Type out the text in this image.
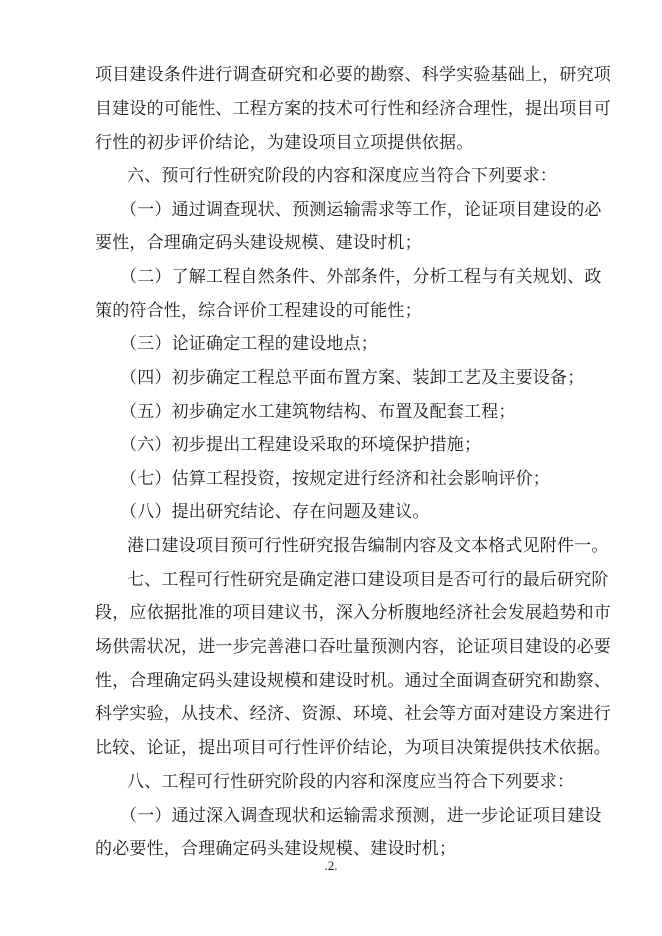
项目建设条件进行调查研究和必要的勘察、科学实验基础上，研究项
目建设的可能性、工程方案的技术可行性和经济合理性，提出项目可
行性的初步评价结论，为建设项目立项提供依据。
六、预可行性研究阶段的内容和深度应当符合下列要求：
（一）通过调查现状、预测运输需求等工作，论证项目建设的必
要性，合理确定码头建设规模、建设时机；
（二）了解工程自然条件、外部条件，分析工程与有关规划、政
策的符合性，综合评价工程建设的可能性；
（三）论证确定工程的建设地点；
（四）初步确定工程总平面布置方案、装卸工艺及主要设备；
（五）初步确定水工建筑物结构、布置及配套工程；
（六）初步提出工程建设采取的环境保护措施；
（七）估算工程投资，按规定进行经济和社会影响评价；
（八）提出研究结论、存在问题及建议。
港口建设项目预可行性研究报告编制内容及文本格式见附件一。
七、工程可行性研究是确定港口建设项目是否可行的最后研究阶
段，应依据批准的项目建议书，深入分析腹地经济社会发展趋势和市
场供需状况，进一步完善港口吞吐量预测内容，论证项目建设的必要
性，合理确定码头建设规模和建设时机。通过全面调查研究和勘察、
科学实验，从技术、经济、资源、环境、社会等方面对建设方案进行
比较、论证，提出项目可行性评价结论，为项目决策提供技术依据。
八、工程可行性研究阶段的内容和深度应当符合下列要求：
（一）通过深入调查现状和运输需求预测，进一步论证项目建设
的必要性，合理确定码头建设规模、建设时机；
.2.
